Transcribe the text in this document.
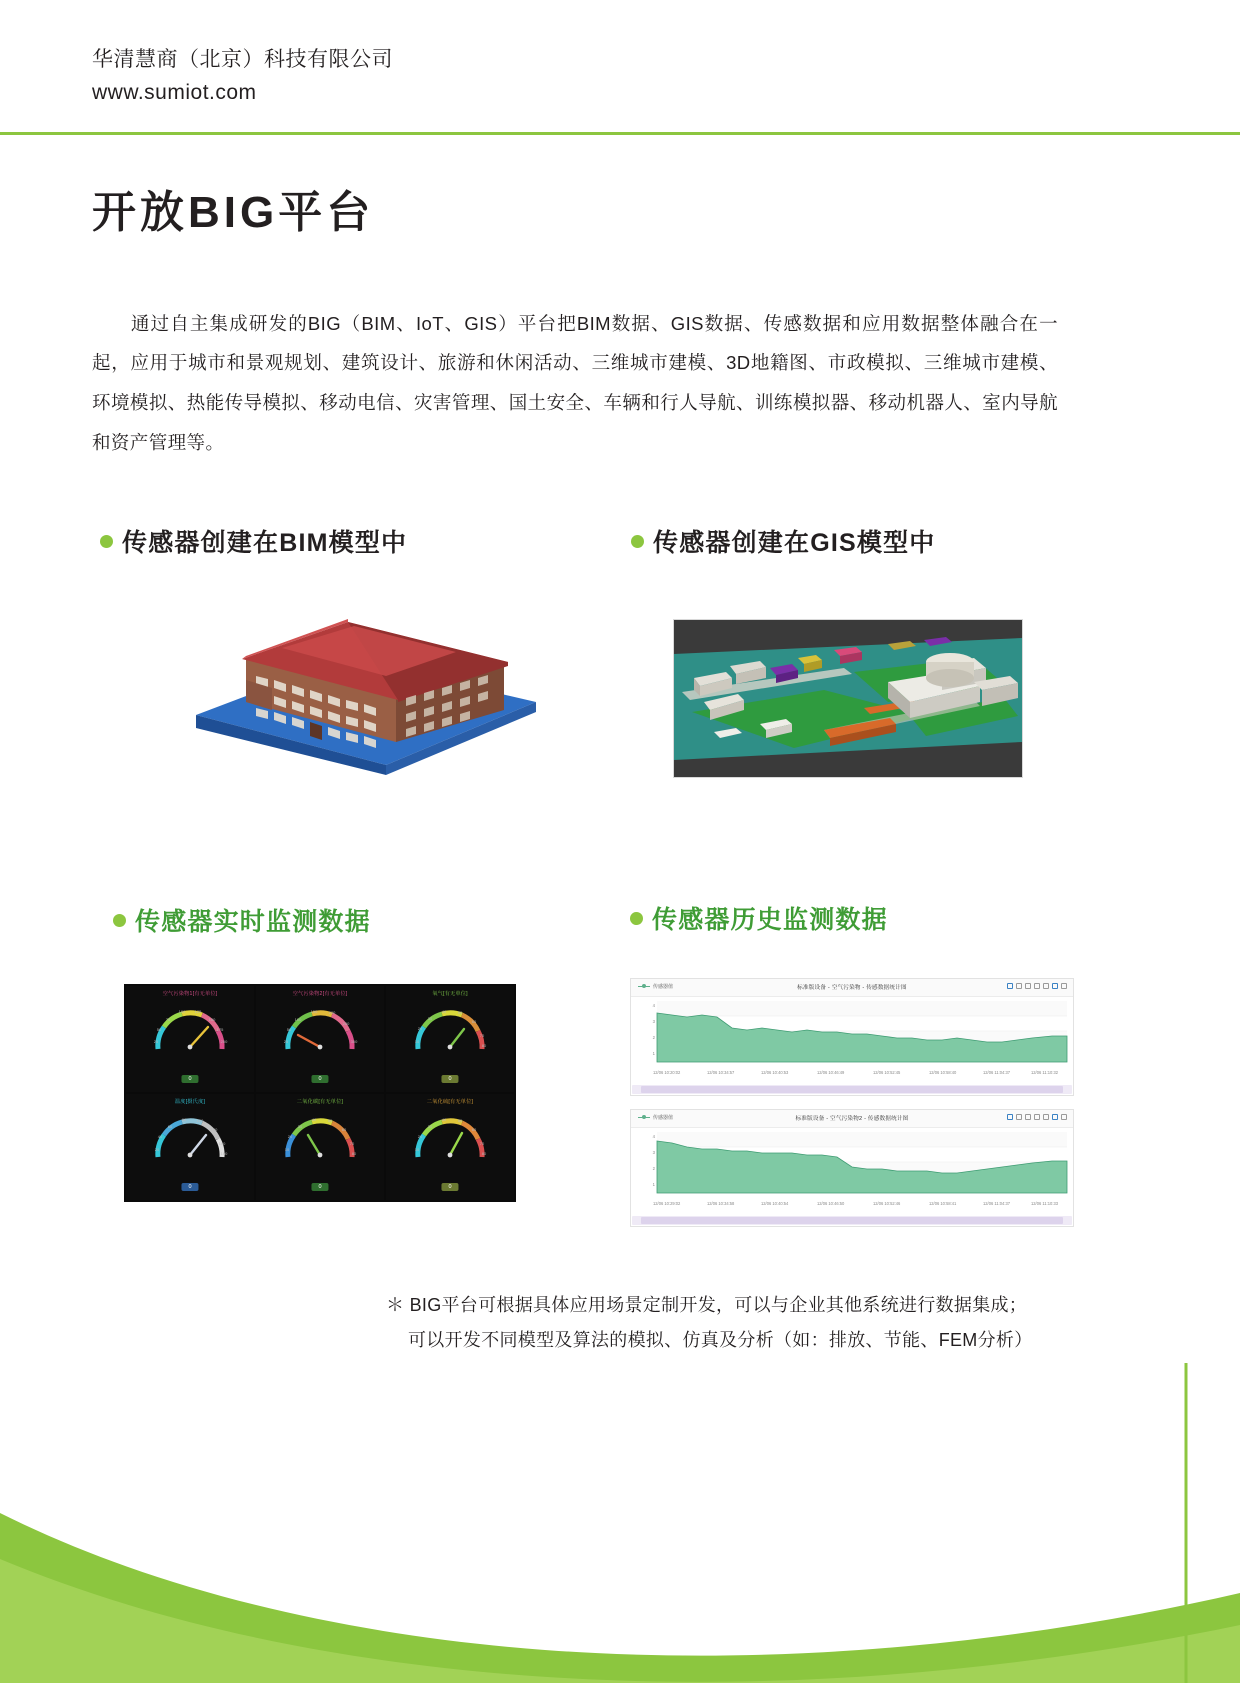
华清慧商（北京）科技有限公司
www.sumiot.com
开放BIG平台

通过自主集成研发的BIG（BIM、IoT、GIS）平台把BIM数据、GIS数据、传感数据和应用数据整体融合在一起，应用于城市和景观规划、建筑设计、旅游和休闲活动、三维城市建模、3D地籍图、市政模拟、三维城市建模、环境模拟、热能传导模拟、移动电信、灾害管理、国土安全、车辆和行人导航、训练模拟器、移动机器人、室内导航和资产管理等。

传感器创建在BIM模型中	传感器创建在GIS模型中
传感器实时监测数据	传感器历史监测数据
空气污染物1[有无单位]
25
50
75
100 125
150
175
200
0
空气污染物2[有无单位]
25
50
100
150	200
250
300
0
氧气[有无单位]
10
20
30
40	50
60
70
80
0
温度[摄氏度]
20
40
60
80	100
120
140
160
0
二氧化碳[有无单位]
10
20
30
40	50
60
70
80
0
二氧化硫[有无单位]
10
20
30
40	50
60
70
80
0
传感器值	标准版设备 - 空气污染物 - 传感数据统计图
4
3
2
1
12/06 10:20:02	12/06 10:34:57	12/06 10:40:53	12/06 10:46:49	12/06 10:52:45	12/06 10:58:40	12/06 11:04:37	12/06 11:10:32
传感器值	标准版设备 - 空气污染物2 - 传感数据统计图
4
3
2
1
12/06 10:29:02	12/06 10:34:58	12/06 10:40:54	12/06 10:46:50	12/06 10:52:46	12/06 10:58:41	12/06 11:04:37	12/06 11:10:33
＊ BIG平台可根据具体应用场景定制开发，可以与企业其他系统进行数据集成；
可以开发不同模型及算法的模拟、仿真及分析（如：排放、节能、FEM分析）
